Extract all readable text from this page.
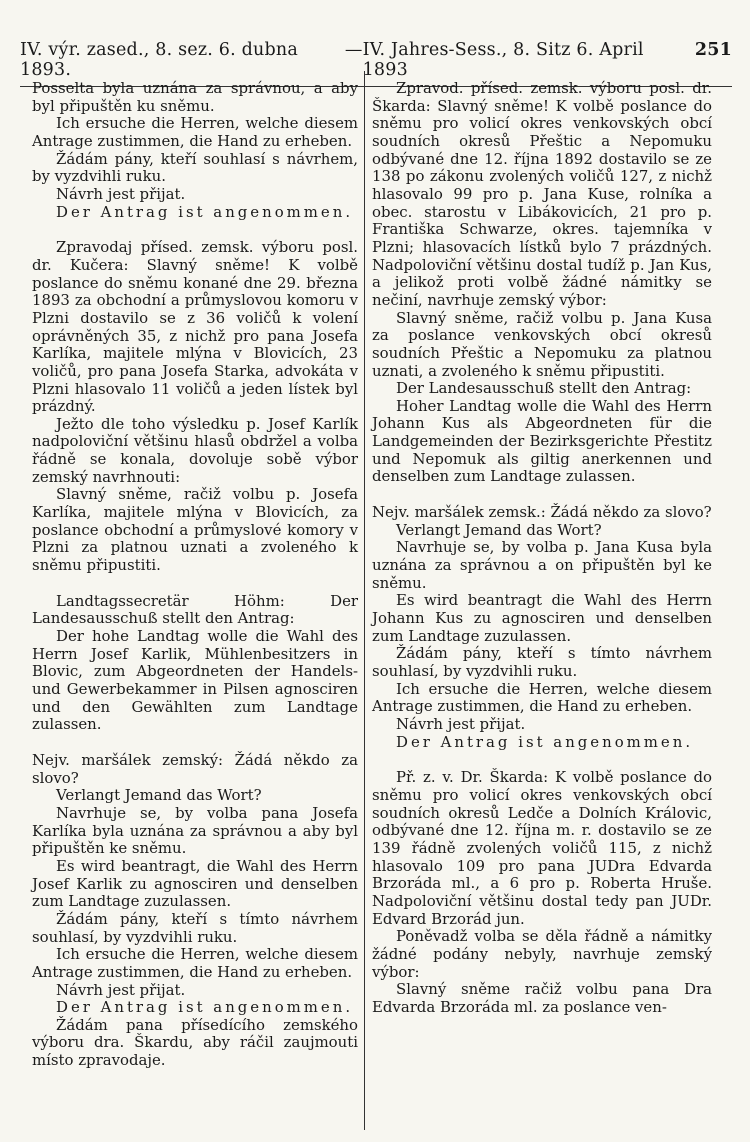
IV. výr. zased., 8. sez. 6. dubna 1893.
— IV. Jahres-Sess., 8. Sitz 6. April 1893
251

Posselta byla uznána za správnou, a aby byl připuštěn ku sněmu.

Ich ersuche die Herren, welche diesem Antrage zustimmen, die Hand zu erheben.

Žádám pány, kteří souhlasí s návrhem, by vyzdvihli ruku.

Návrh jest přijat.

Der Antrag ist angenommen.

Zpravodaj přísed. zemsk. výboru posl. dr. Kučera: Slavný sněme! K volbě poslance do sněmu konané dne 29. března 1893 za obchodní a průmyslovou komoru v Plzni dostavilo se z 36 voličů k volení oprávněných 35, z nichž pro pana Josefa Karlíka, majitele mlýna v Blovicích, 23 voličů, pro pana Josefa Starka, advokáta v Plzni hlasovalo 11 voličů a jeden lístek byl prázdný.

Ježto dle toho výsledku p. Josef Karlík nadpoloviční většinu hlasů obdržel a volba řádně se konala, dovoluje sobě výbor zemský navrhnouti:

Slavný sněme, račiž volbu p. Josefa Karlíka, majitele mlýna v Blovicích, za poslance obchodní a průmyslové komory v Plzni za platnou uznati a zvoleného k sněmu připustiti.

Landtagssecretär Höhm: Der Landesausschuß stellt den Antrag:

Der hohe Landtag wolle die Wahl des Herrn Josef Karlik, Mühlenbesitzers in Blovic, zum Abgeordneten der Handels- und Gewerbekammer in Pilsen agnosciren und den Gewählten zum Landtage zulassen.

Nejv. maršálek zemský: Žádá někdo za slovo?

Verlangt Jemand das Wort?

Navrhuje se, by volba pana Josefa Karlíka byla uznána za správnou a aby byl připuštěn ke sněmu.

Es wird beantragt, die Wahl des Herrn Josef Karlik zu agnosciren und denselben zum Landtage zuzulassen.

Žádám pány, kteří s tímto návrhem souhlasí, by vyzdvihli ruku.

Ich ersuche die Herren, welche diesem Antrage zustimmen, die Hand zu erheben.

Návrh jest přijat.

Der Antrag ist angenommen.

Žádám pana přísedícího zemského výboru dra. Škardu, aby ráčil zaujmouti místo zpravodaje.

Zpravod. přísed. zemsk. výboru posl. dr. Škarda: Slavný sněme! K volbě poslance do sněmu pro volicí okres venkovských obcí soudních okresů Přeštic a Nepomuku odbývané dne 12. října 1892 dostavilo se ze 138 po zákonu zvolených voličů 127, z nichž hlasovalo 99 pro p. Jana Kuse, rolníka a obec. starostu v Libákovicích, 21 pro p. Františka Schwarze, okres. tajemníka v Plzni; hlasovacích lístků bylo 7 prázdných. Nadpoloviční většinu dostal tudíž p. Jan Kus, a jelikož proti volbě žádné námitky se nečiní, navrhuje zemský výbor:

Slavný sněme, račiž volbu p. Jana Kusa za poslance venkovských obcí okresů soudních Přeštic a Nepomuku za platnou uznati, a zvoleného k sněmu připustiti.

Der Landesausschuß stellt den Antrag:

Hoher Landtag wolle die Wahl des Herrn Johann Kus als Abgeordneten für die Landgemeinden der Bezirksgerichte Přestitz und Nepomuk als giltig anerkennen und denselben zum Landtage zulassen.

Nejv. maršálek zemsk.: Žádá někdo za slovo?

Verlangt Jemand das Wort?

Navrhuje se, by volba p. Jana Kusa byla uznána za správnou a on připuštěn byl ke sněmu.

Es wird beantragt die Wahl des Herrn Johann Kus zu agnosciren und denselben zum Landtage zuzulassen.

Žádám pány, kteří s tímto návrhem souhlasí, by vyzdvihli ruku.

Ich ersuche die Herren, welche diesem Antrage zustimmen, die Hand zu erheben.

Návrh jest přijat.

Der Antrag ist angenommen.

Př. z. v. Dr. Škarda: K volbě poslance do sněmu pro volicí okres venkovských obcí soudních okresů Ledče a Dolních Královic, odbývané dne 12. října m. r. dostavilo se ze 139 řádně zvolených voličů 115, z nichž hlasovalo 109 pro pana JUDra Edvarda Brzoráda ml., a 6 pro p. Roberta Hruše. Nadpoloviční většinu dostal tedy pan JUDr. Edvard Brzorád jun.

Poněvadž volba se děla řádně a námitky žádné podány nebyly, navrhuje zemský výbor:

Slavný sněme račiž volbu pana Dra Edvarda Brzoráda ml. za poslance ven-
